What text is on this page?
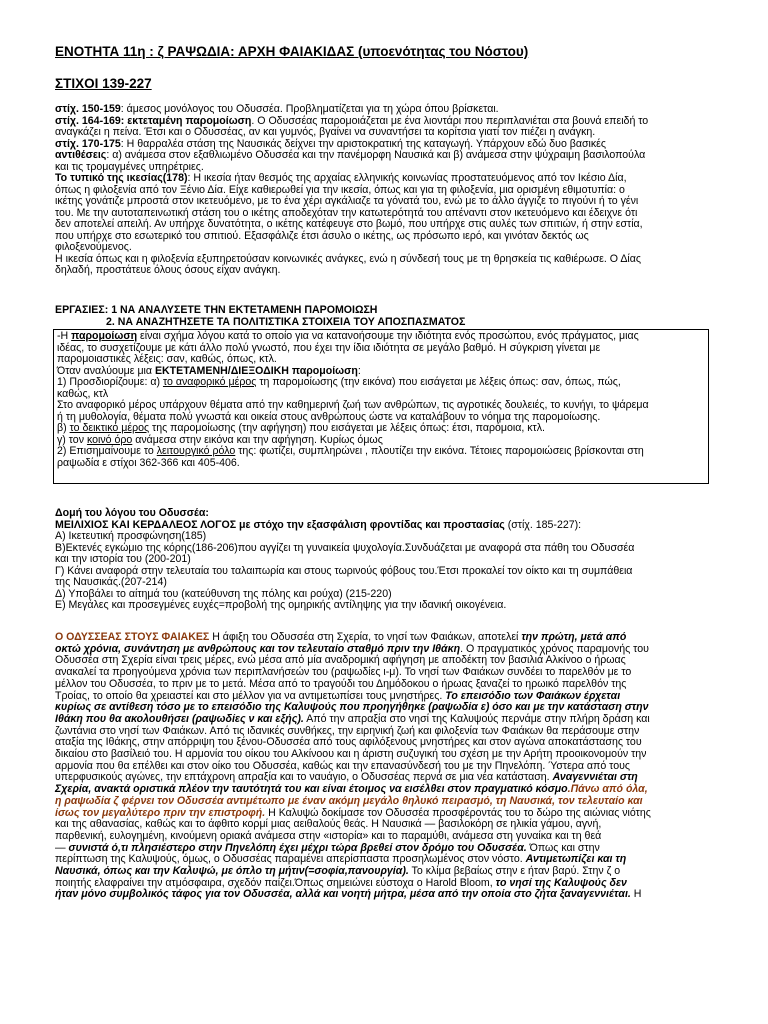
ΕΝΟΤΗΤΑ 11η : ζ ΡΑΨΩΔΙΑ: ΑΡΧΗ ΦΑΙΑΚΙΔΑΣ (υποενότητας του Νόστου)
ΣΤΙΧΟΙ 139-227
στίχ. 150-159: άμεσος μονόλογος του Οδυσσέα. Προβληματίζεται για τη χώρα όπου βρίσκεται.
στίχ. 164-169: εκτεταμένη παρομοίωση. Ο Οδυσσέας παρομοιάζεται με ένα λιοντάρι που περιπλανιέται στα βουνά επειδή το
αναγκάζει η πείνα. Έτσι και ο Οδυσσέας, αν και γυμνός, βγαίνει να συναντήσει τα κορίτσια γιατί τον πιέζει η ανάγκη.
στίχ. 170-175: Η θαρραλέα στάση της Ναυσικάς δείχνει την αριστοκρατική της καταγωγή. Υπάρχουν εδώ δυο βασικές
αντιθέσεις: α) ανάμεσα στον εξαθλιωμένο Οδυσσέα και την πανέμορφη Ναυσικά και β) ανάμεσα στην ψύχραιμη βασιλοπούλα
και τις τρομαγμένες υπηρέτριες.
Το τυπικό της ικεσίας(178): Η ικεσία ήταν θεσμός της αρχαίας ελληνικής κοινωνίας προστατευόμενος από τον Ικέσιο Δία,
όπως η φιλοξενία από τον Ξένιο Δία. Είχε καθιερωθεί για την ικεσία, όπως και για τη φιλοξενία, μια ορισμένη εθιμοτυπία: ο
ικέτης γονάτιζε μπροστά στον ικετευόμενο, με το ένα χέρι αγκάλιαζε τα γόνατά του, ενώ με το άλλο άγγιζε το πιγούνι ή το γένι
του. Με την αυτοταπεινωτική στάση του ο ικέτης αποδεχόταν την κατωτερότητά του απέναντι στον ικετευόμενο και έδειχνε ότι
δεν αποτελεί απειλή. Αν υπήρχε δυνατότητα, ο ικέτης κατέφευγε στο βωμό, που υπήρχε στις αυλές των σπιτιών, ή στην εστία,
που υπήρχε στο εσωτερικό του σπιτιού. Εξασφάλιζε έτσι άσυλο ο ικέτης, ως πρόσωπο ιερό, και γινόταν δεκτός ως
φιλοξενούμενος.
Η ικεσία όπως και η φιλοξενία εξυπηρετούσαν κοινωνικές ανάγκες, ενώ η σύνδεσή τους με τη θρησκεία τις καθιέρωσε. Ο Δίας
δηλαδή, προστάτευε όλους όσους είχαν ανάγκη.
ΕΡΓΑΣΙΕΣ: 1 ΝΑ ΑΝΑΛΥΣΕΤΕ ΤΗΝ ΕΚΤΕΤΑΜΕΝΗ ΠΑΡΟΜΟΙΩΣΗ
2. ΝΑ ΑΝΑΖΗΤΗΣΕΤΕ ΤΑ ΠΟΛΙΤΙΣΤΙΚΑ ΣΤΟΙΧΕΙΑ ΤΟΥ ΑΠΟΣΠΑΣΜΑΤΟΣ
-Η παρομοίωση είναι σχήμα λόγου κατά το οποίο για να κατανοήσουμε την ιδιότητα ενός προσώπου, ενός πράγματος, μιας
ιδέας, το συσχετίζουμε με κάτι άλλο πολύ γνωστό, που έχει την ίδια ιδιότητα σε μεγάλο βαθμό. Η σύγκριση γίνεται με
παρομοιαστικές λέξεις: σαν, καθώς, όπως, κτλ.
Όταν αναλύουμε μια ΕΚΤΕΤΑΜΕΝΗ/ΔΙΕΞΟΔΙΚΗ παρομοίωση:
1) Προσδιορίζουμε: α) το αναφορικό μέρος τη παρομοίωσης (την εικόνα) που εισάγεται με λέξεις όπως: σαν, όπως, πώς,
καθώς, κτλ
Στο αναφορικό μέρος υπάρχουν θέματα από την καθημερινή ζωή των ανθρώπων, τις αγροτικές δουλειές, το κυνήγι, το ψάρεμα
ή τη μυθολογία, θέματα πολύ γνωστά και οικεία στους ανθρώπους ώστε να καταλάβουν το νόημα της παρομοίωσης.
β) το δεικτικό μέρος της παρομοίωσης (την αφήγηση) που εισάγεται με λέξεις όπως: έτσι, παρόμοια, κτλ.
γ) τον κοινό όρο ανάμεσα στην εικόνα και την αφήγηση. Κυρίως όμως
2) Επισημαίνουμε το λειτουργικό ρόλο της: φωτίζει, συμπληρώνει , πλουτίζει την εικόνα. Τέτοιες παρομοιώσεις βρίσκονται στη
ραψωδία ε στίχοι 362-366 και 405-406.
Δομή του λόγου του Οδυσσέα:
ΜΕΙΛΙΧΙΟΣ ΚΑΙ ΚΕΡΔΑΛΕΟΣ ΛΟΓΟΣ με στόχο την εξασφάλιση φροντίδας και προστασίας (στίχ. 185-227):
Α) Ικετευτική προσφώνηση(185)
Β)Εκτενές εγκώμιο της κόρης(186-206)που αγγίζει τη γυναικεία ψυχολογία.Συνδυάζεται με αναφορά στα πάθη του Οδυσσέα
και την ιστορία του (200-201)
Γ) Κάνει αναφορά στην τελευταία του ταλαιπωρία και στους τωρινούς φόβους του.Έτσι προκαλεί τον οίκτο και τη συμπάθεια
της Ναυσικάς.(207-214)
Δ) Υποβάλει το αίτημά του (κατεύθυνση της πόλης και ρούχα) (215-220)
Ε) Μεγάλες και προσεγμένες ευχές=προβολή της ομηρικής αντίληψης για την ιδανική οικογένεια.
Ο ΟΔΥΣΣΕΑΣ ΣΤΟΥΣ ΦΑΙΑΚΕΣ Η άφιξη του Οδυσσέα στη Σχερία, το νησί των Φαιάκων, αποτελεί την πρώτη, μετά από
οκτώ χρόνια, συνάντηση με ανθρώπους και τον τελευταίο σταθμό πριν την Ιθάκη. Ο πραγματικός χρόνος παραμονής του
Οδυσσέα στη Σχερία είναι τρεις μέρες, ενώ μέσα από μία αναδρομική αφήγηση με αποδέκτη τον βασιλιά Αλκίνοο ο ήρωας
ανακαλεί τα προηγούμενα χρόνια των περιπλανήσεών του (ραψωδίες ι-μ). Το νησί των Φαιάκων συνδέει το παρελθόν με το
μέλλον του Οδυσσέα, το πριν με το μετά. Μέσα από το τραγούδι του Δημόδοκου ο ήρωας ξαναζεί το ηρωικό παρελθόν της
Τροίας, το οποίο θα χρειαστεί και στο μέλλον για να αντιμετωπίσει τους μνηστήρες. Το επεισόδιο των Φαιάκων έρχεται
κυρίως σε αντίθεση τόσο με το επεισόδιο της Καλυψούς που προηγήθηκε (ραψωδία ε) όσο και με την κατάσταση στην
Ιθάκη που θα ακολουθήσει (ραψωδίες ν και εξής). Από την απραξία στο νησί της Καλυψούς περνάμε στην πλήρη δράση και
ζωντάνια στο νησί των Φαιάκων. Από τις ιδανικές συνθήκες, την ειρηνική ζωή και φιλοξενία των Φαιάκων θα περάσουμε στην
αταξία της Ιθάκης, στην απόρριψη του ξένου-Οδυσσέα από τους αφιλόξενους μνηστήρες και στον αγώνα αποκατάστασης του
δικαίου στο βασίλειό του. Η αρμονία του οίκου του Αλκίνοου και η άριστη συζυγική του σχέση με την Αρήτη προοικονομούν την
αρμονία που θα επέλθει και στον οίκο του Οδυσσέα, καθώς και την επανασύνδεσή του με την Πηνελόπη. Ύστερα από τους
υπερφυσικούς αγώνες, την επτάχρονη απραξία και το ναυάγιο, ο Οδυσσέας περνά σε μια νέα κατάσταση. Αναγεννιέται στη
Σχερία, ανακτά οριστικά πλέον την ταυτότητά του και είναι έτοιμος να εισέλθει στον πραγματικό κόσμο.Πάνω από όλα,
η ραψωδία ζ φέρνει τον Οδυσσέα αντιμέτωπο με έναν ακόμη μεγάλο θηλυκό πειρασμό, τη Ναυσικά, τον τελευταίο και
ίσως τον μεγαλύτερο πριν την επιστροφή. Η Καλυψώ δοκίμασε τον Οδυσσέα προσφέροντάς του το δώρο της αιώνιας νιότης
και της αθανασίας, καθώς και το άφθιτο κορμί μιας αειθαλούς θεάς. Η Ναυσικά — βασιλοκόρη σε ηλικία γάμου, αγνή,
παρθενική, ευλογημένη, κινούμενη οριακά ανάμεσα στην «ιστορία» και το παραμύθι, ανάμεσα στη γυναίκα και τη θεά
— συνιστά ό,τι πλησιέστερο στην Πηνελόπη έχει μέχρι τώρα βρεθεί στον δρόμο του Οδυσσέα. Όπως και στην
περίπτωση της Καλυψούς, όμως, ο Οδυσσέας παραμένει απερίσπαστα προσηλωμένος στον νόστο. Αντιμετωπίζει και τη
Ναυσικά, όπως και την Καλυψώ, με όπλο τη μήτιν(=σοφία,πανουργία). Το κλίμα βεβαίως στην ε ήταν βαρύ. Στην ζ ο
ποιητής ελαφραίνει την ατμόσφαιρα, σχεδόν παίζει.Όπως σημειώνει εύστοχα ο Harold Bloom, το νησί της Καλυψούς δεν
ήταν μόνο συμβολικός τάφος για τον Οδυσσέα, αλλά και νοητή μήτρα, μέσα από την οποία στο ζήτα ξαναγεννιέται. Η
